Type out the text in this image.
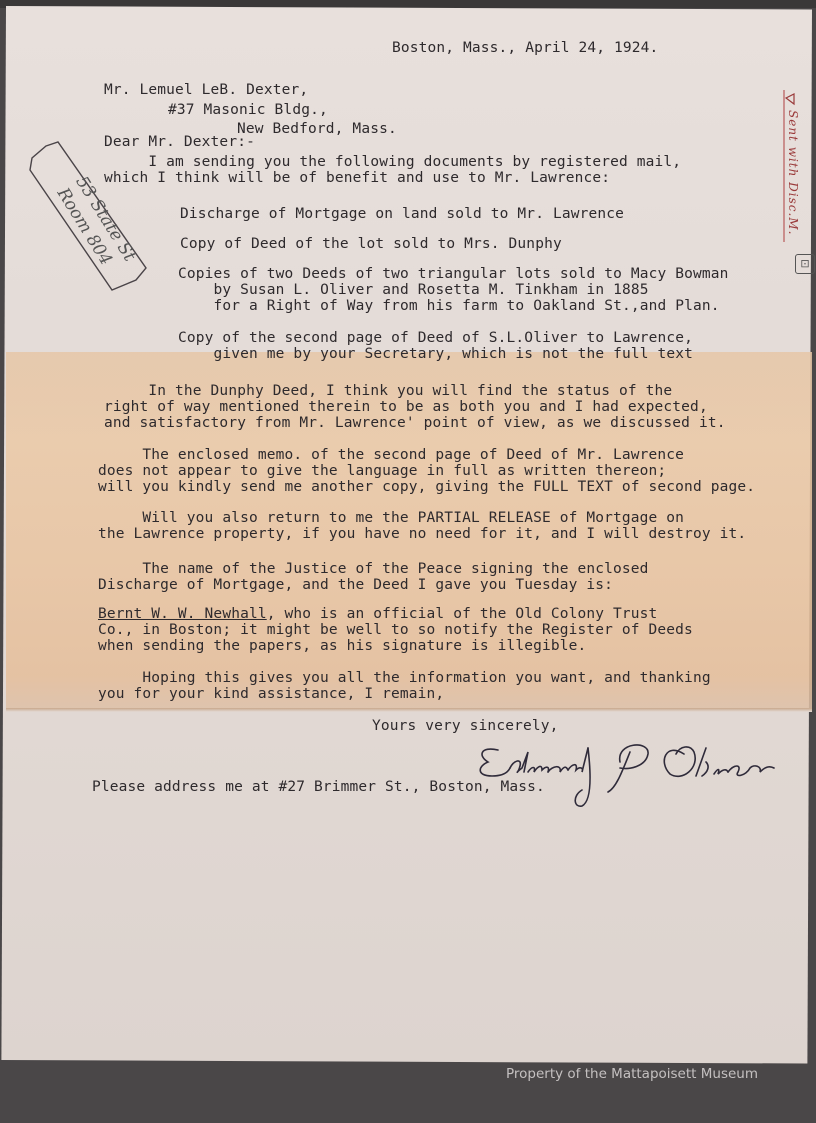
Boston, Mass., April 24, 1924.

Mr. Lemuel LeB. Dexter,

#37 Masonic Bldg.,

New Bedford, Mass.

Dear Mr. Dexter:-

I am sending you the following documents by registered mail,
which I think will be of benefit and use to Mr. Lawrence:

Discharge of Mortgage on land sold to Mr. Lawrence

Copy of Deed of the lot sold to Mrs. Dunphy

Copies of two Deeds of two triangular lots sold to Macy Bowman
by Susan L. Oliver and Rosetta M. Tinkham in 1885
for a Right of Way from his farm to Oakland St.,and Plan.

Copy of the second page of Deed of S.L.Oliver to Lawrence,
given me by your Secretary, which is not the full text

In the Dunphy Deed, I think you will find the status of the
right of way mentioned therein to be as both you and I had expected,
and satisfactory from Mr. Lawrence' point of view, as we discussed it.

The enclosed memo. of the second page of Deed of Mr. Lawrence
does not appear to give the language in full as written thereon;
will you kindly send me another copy, giving the FULL TEXT of second page.

Will you also return to me the PARTIAL RELEASE of Mortgage on
the Lawrence property, if you have no need for it, and I will destroy it.

The name of the Justice of the Peace signing the enclosed
Discharge of Mortgage, and the Deed I gave you Tuesday is:

Bernt W. W. Newhall, who is an official of the Old Colony Trust
Co., in Boston; it might be well to so notify the Register of Deeds
when sending the papers, as his signature is illegible.

Hoping this gives you all the information you want, and thanking
you for your kind assistance, I remain,

Yours very sincerely,

Please address me at #27 Brimmer St., Boston, Mass.

53 State St
Room 804	Sent with Disc.M.
⊡
Property of the Mattapoisett Museum
